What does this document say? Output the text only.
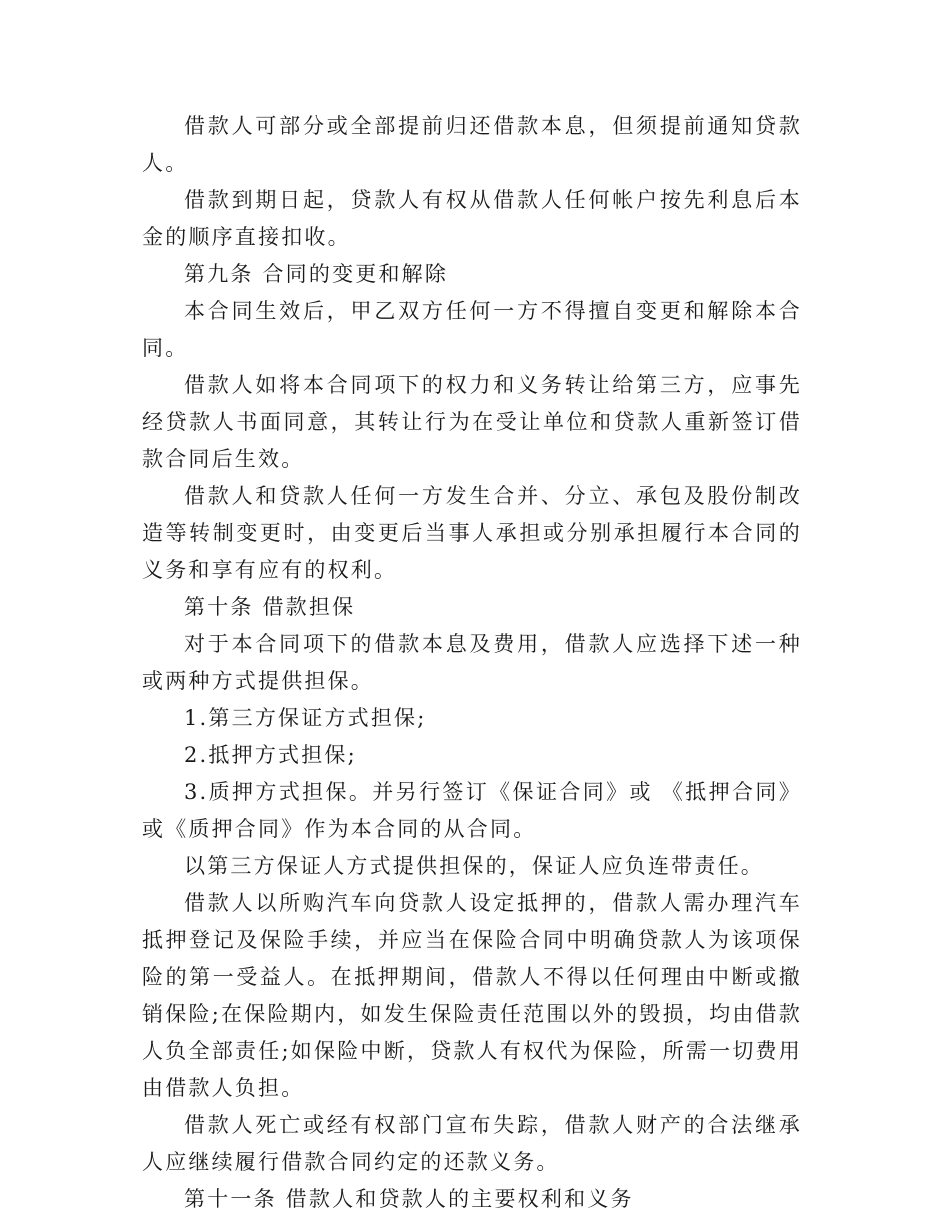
借款人可部分或全部提前归还借款本息，但须提前通知贷款人。

借款到期日起，贷款人有权从借款人任何帐户按先利息后本金的顺序直接扣收。

第九条 合同的变更和解除

本合同生效后，甲乙双方任何一方不得擅自变更和解除本合同。

借款人如将本合同项下的权力和义务转让给第三方，应事先经贷款人书面同意，其转让行为在受让单位和贷款人重新签订借款合同后生效。

借款人和贷款人任何一方发生合并、分立、承包及股份制改造等转制变更时，由变更后当事人承担或分别承担履行本合同的义务和享有应有的权利。

第十条 借款担保

对于本合同项下的借款本息及费用，借款人应选择下述一种或两种方式提供担保。

1.第三方保证方式担保;

2.抵押方式担保;

3.质押方式担保。并另行签订《保证合同》或 《抵押合同》或《质押合同》作为本合同的从合同。

以第三方保证人方式提供担保的，保证人应负连带责任。

借款人以所购汽车向贷款人设定抵押的，借款人需办理汽车抵押登记及保险手续，并应当在保险合同中明确贷款人为该项保险的第一受益人。在抵押期间，借款人不得以任何理由中断或撤销保险;在保险期内，如发生保险责任范围以外的毁损，均由借款人负全部责任;如保险中断，贷款人有权代为保险，所需一切费用由借款人负担。

借款人死亡或经有权部门宣布失踪，借款人财产的合法继承人应继续履行借款合同约定的还款义务。

第十一条 借款人和贷款人的主要权利和义务
